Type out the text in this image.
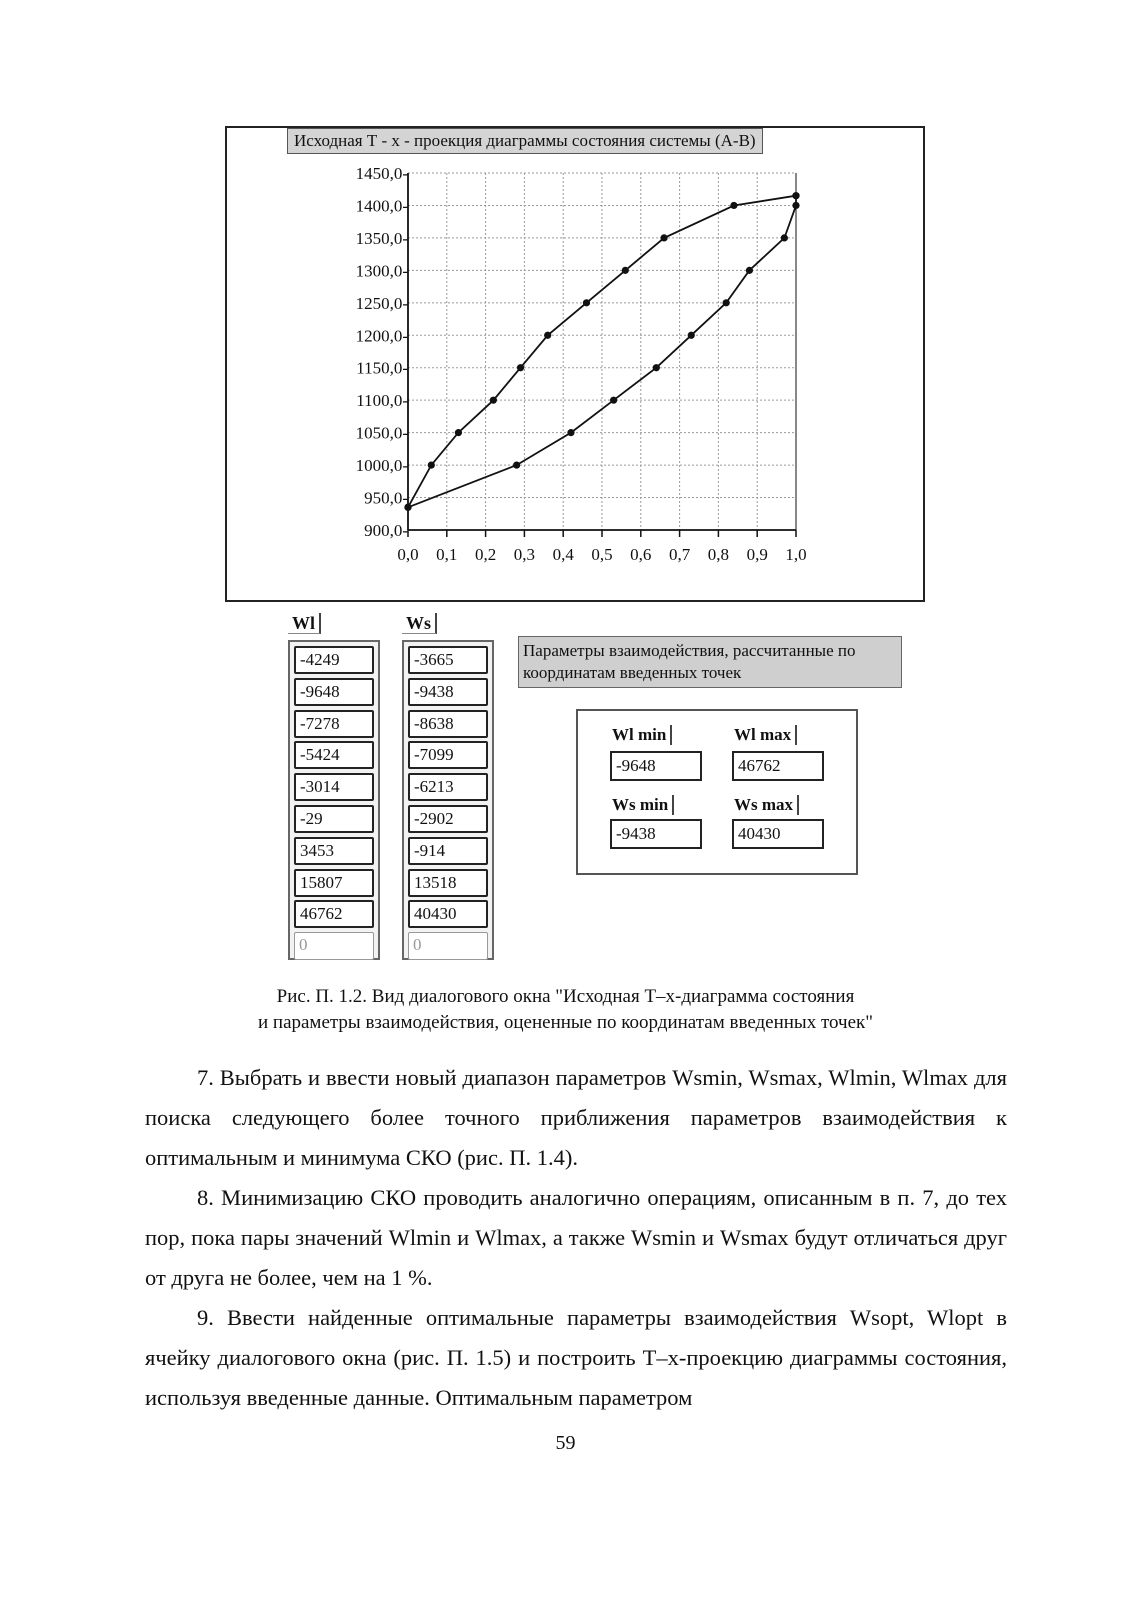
Исходная Т - x - проекция диаграммы состояния системы (A-B)
0,0 0,1 0,2 0,3 0,4 0,5 0,6 0,7 0,8 0,9 1,0
900,0-
950,0-
1000,0-
1050,0-
1100,0-
1150,0-
1200,0-
1250,0-
1300,0-
1350,0-
1400,0-
1450,0-
Wl	Ws
-4249
-9648
-7278
-5424
-3014
-29
3453
15807
46762
0
-3665
-9438
-8638
-7099
-6213
-2902
-914
13518
40430
0
Параметры взаимодействия, рассчитанные по координатам введенных точек
Wl min
-9648
Wl max
46762
Ws min
-9438
Ws max
40430

Рис. П. 1.2. Вид диалогового окна "Исходная T–x-диаграмма состояния

и параметры взаимодействия, оцененные по координатам введенных точек"

7. Выбрать и ввести новый диапазон параметров Wsmin, Wsmax, Wlmin, Wlmax для поиска следующего более точного приближения параметров взаимодействия к оптимальным и минимума СКО (рис. П. 1.4).

8. Минимизацию СКО проводить аналогично операциям, описанным в п. 7, до тех пор, пока пары значений Wlmin и Wlmax, а также Wsmin и Wsmax будут отличаться друг от друга не более, чем на 1 %.

9. Ввести найденные оптимальные параметры взаимодействия Wsopt, Wlopt в ячейку диалогового окна (рис. П. 1.5) и построить T–x-проекцию диаграммы состояния, используя введенные данные. Оптимальным параметром

59
